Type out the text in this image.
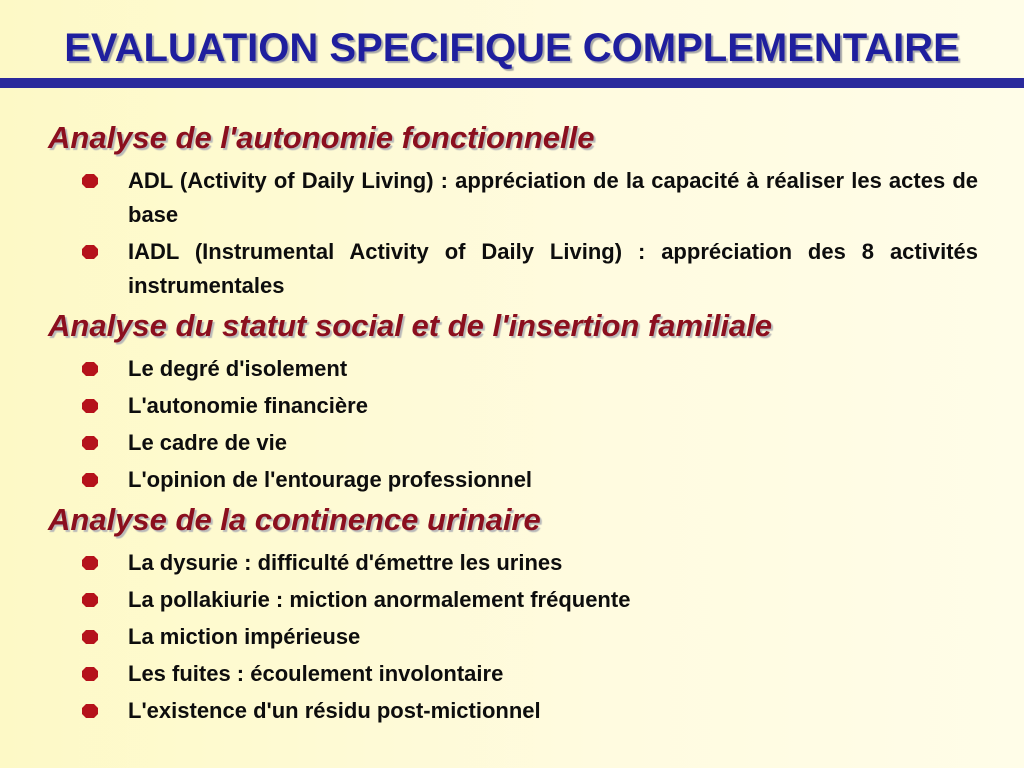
EVALUATION SPECIFIQUE COMPLEMENTAIRE
Analyse de l'autonomie fonctionnelle
ADL (Activity of Daily Living) : appréciation de la capacité à réaliser les actes de base
IADL (Instrumental Activity of Daily Living) : appréciation des 8 activités instrumentales
Analyse du statut social et de l'insertion familiale
Le degré d'isolement
L'autonomie financière
Le cadre de vie
L'opinion de l'entourage professionnel
Analyse de la continence urinaire
La dysurie : difficulté d'émettre les urines
La pollakiurie : miction anormalement fréquente
La miction impérieuse
Les fuites : écoulement involontaire
L'existence d'un résidu post-mictionnel
